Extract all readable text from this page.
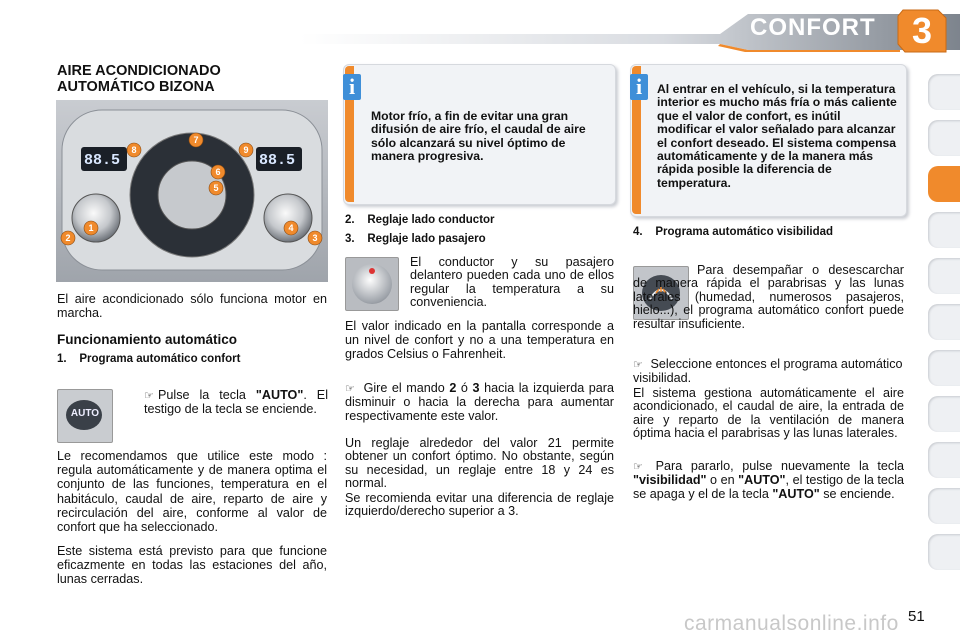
CONFORT	3
AIRE ACONDICIONADO
AUTOMÁTICO BIZONA
1
2	3
4
5
6
7
8	9
88.5	88.5
El aire acondicionado sólo funciona motor en marcha.
Funcionamiento automático
1.    Programa automático confort
AUTO
☞ Pulse la tecla "AUTO". El testigo de la tecla se enciende.
Le recomendamos que utilice este modo : regula automáticamente y de manera optima el conjunto de las funciones, temperatura en el habitáculo, caudal de aire, reparto de aire y recirculación del aire, conforme al valor de confort que ha seleccionado.
Este sistema está previsto para que funcione eficazmente en todas las estaciones del año, lunas cerradas.
i
Motor frío, a fin de evitar una gran difusión de aire frío, el caudal de aire sólo alcanzará su nivel óptimo de manera progresiva.
2.    Reglaje lado conductor
3.    Reglaje lado pasajero
El conductor y su pasajero delantero pueden cada uno de ellos regular la temperatura a su conveniencia.
El valor indicado en la pantalla corresponde a un nivel de confort y no a una temperatura en grados Celsius o Fahrenheit.
☞ Gire el mando 2 ó 3 hacia la izquierda para disminuir o hacia la derecha para aumentar respectivamente este valor.
Un reglaje alrededor del valor 21 permite obtener un confort óptimo. No obstante, según su necesidad, un reglaje entre 18 y 24 es normal.
Se recomienda evitar una diferencia de reglaje izquierdo/derecho superior a 3.
i	Al entrar en el vehículo, si la temperatura interior es mucho más fría o más caliente que el valor de confort, es inútil modificar el valor señalado para alcanzar el confort deseado. El sistema compensa automáticamente y de la manera más rápida posible la diferencia de temperatura.
4.    Programa automático visibilidad
Para desempañar o desescarchar de manera rápida el parabrisas y las lunas laterales (humedad, numerosos pasajeros, hielo...), el programa automático confort puede resultar insuficiente.
☞ Seleccione entonces el programa automático visibilidad.
El sistema gestiona automáticamente el aire acondicionado, el caudal de aire, la entrada de aire y reparto de la ventilación de manera óptima hacia el parabrisas y las lunas laterales.
☞ Para pararlo, pulse nuevamente la tecla "visibilidad" o en "AUTO", el testigo de la tecla se apaga y el de la tecla "AUTO" se enciende.
51
carmanualsonline.info
